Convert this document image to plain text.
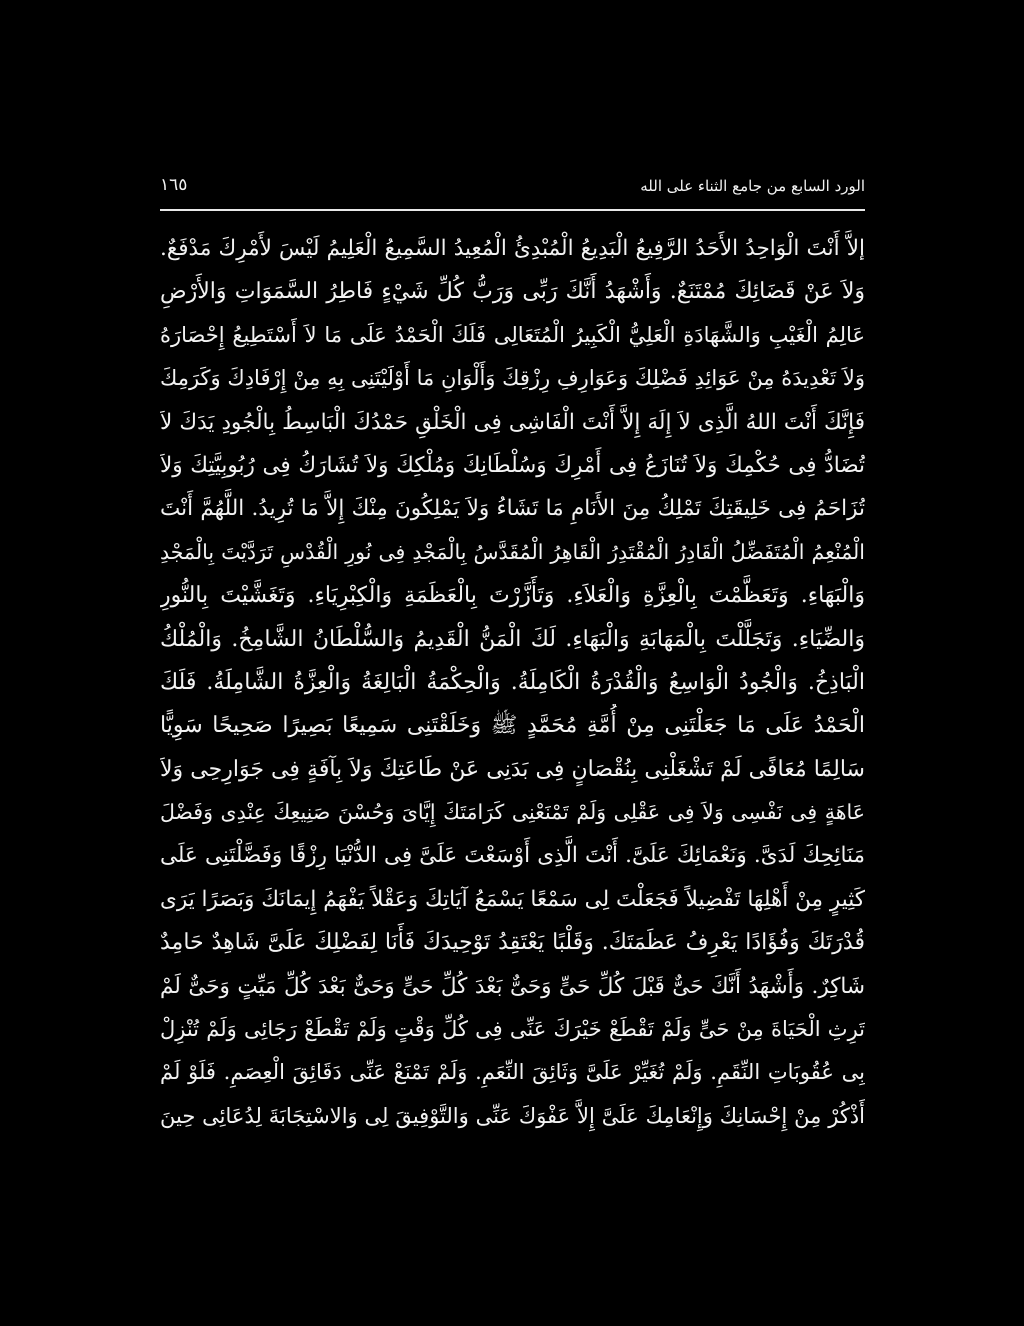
الورد السابع من جامع الثناء على الله
١٦٥
إلاَّ أَنْتَ الْوَاحِدُ الأَحَدُ الرَّفِيعُ الْبَدِيعُ الْمُبْدِئُ الْمُعِيدُ السَّمِيعُ الْعَلِيمُ لَيْسَ لأَمْرِكَ مَدْفَعٌ.
وَلاَ عَنْ قَضَائِكَ مُمْتَنَعٌ. وَأَشْهَدُ أَنَّكَ رَبِّى وَرَبُّ كُلِّ شَيْءٍ فَاطِرُ السَّمَوَاتِ وَالأَرْضِ
عَالِمُ الْغَيْبِ وَالشَّهَادَةِ الْعَلِيُّ الْكَبِيرُ الْمُتَعَالِى فَلَكَ الْحَمْدُ عَلَى مَا لاَ أَسْتَطِيعُ إِحْصَارَهُ
وَلاَ تَعْدِيدَهُ مِنْ عَوَائِدِ فَضْلِكَ وَعَوَارِفِ رِزْقِكَ وَأَلْوَانِ مَا أَوْلَيْتَنِى بِهِ مِنْ إِرْفَادِكَ وَكَرَمِكَ
فَإِنَّكَ أَنْتَ اللهُ الَّذِى لاَ إِلَهَ إِلاَّ أَنْتَ الْفَاشِى فِى الْخَلْقِ حَمْدُكَ الْبَاسِطُ بِالْجُودِ يَدَكَ لاَ
تُضَادُّ فِى حُكْمِكَ وَلاَ تُنَازَعُ فِى أَمْرِكَ وَسُلْطَانِكَ وَمُلْكِكَ وَلاَ تُشَارَكُ فِى رُبُوبِيَّتِكَ وَلاَ
تُزَاحَمُ فِى خَلِيقَتِكَ تَمْلِكُ مِنَ الأَنَامِ مَا تَشَاءُ وَلاَ يَمْلِكُونَ مِنْكَ إِلاَّ مَا تُرِيدُ. اللَّهُمَّ أَنْتَ
الْمُنْعِمُ الْمُتَفَضِّلُ الْقَادِرُ الْمُقْتَدِرُ الْقَاهِرُ الْمُقَدَّسُ بِالْمَجْدِ فِى نُورِ الْقُدْسِ تَرَدَّيْتَ بِالْمَجْدِ
وَالْبَهَاءِ. وَتَعَظَّمْتَ بِالْعِزَّةِ وَالْعَلاَءِ. وَتَأَزَّرْتَ بِالْعَظَمَةِ وَالْكِبْرِيَاءِ. وَتَغَشَّيْتَ بِالنُّورِ
وَالضِّيَاءِ. وَتَجَلَّلْتَ بِالْمَهَابَةِ وَالْبَهَاءِ. لَكَ الْمَنُّ الْقَدِيمُ وَالسُّلْطَانُ الشَّامِخُ. وَالْمُلْكُ
الْبَاذِخُ. وَالْجُودُ الْوَاسِعُ وَالْقُدْرَةُ الْكَامِلَةُ. وَالْحِكْمَةُ الْبَالِغَةُ وَالْعِزَّةُ الشَّامِلَةُ. فَلَكَ
الْحَمْدُ عَلَى مَا جَعَلْتَنِى مِنْ أُمَّةِ مُحَمَّدٍ ﷺ وَخَلَقْتَنِى سَمِيعًا بَصِيرًا صَحِيحًا سَوِيًّا
سَالِمًا مُعَافًى لَمْ تَشْغَلْنِى بِنُقْصَانٍ فِى بَدَنِى عَنْ طَاعَتِكَ وَلاَ بِآفَةٍ فِى جَوَارِحِى وَلاَ
عَاهَةٍ فِى نَفْسِى وَلاَ فِى عَقْلِى وَلَمْ تَمْنَعْنِى كَرَامَتَكَ إِيَّاىَ وَحُسْنَ صَنِيعِكَ عِنْدِى وَفَضْلَ
مَنَائِحِكَ لَدَىَّ. وَنَعْمَائِكَ عَلَىَّ. أَنْتَ الَّذِى أَوْسَعْتَ عَلَىَّ فِى الدُّنْيَا رِزْقًا وَفَضَّلْتَنِى عَلَى
كَثِيرٍ مِنْ أَهْلِهَا تَفْضِيلاً فَجَعَلْتَ لِى سَمْعًا يَسْمَعُ آيَاتِكَ وَعَقْلاً يَفْهَمُ إِيمَانَكَ وَبَصَرًا يَرَى
قُدْرَتَكَ وَفُؤَادًا يَعْرِفُ عَظَمَتَكَ. وَقَلْبًا يَعْتَقِدُ تَوْحِيدَكَ فَأَنَا لِفَضْلِكَ عَلَىَّ شَاهِدٌ حَامِدٌ
شَاكِرٌ. وَأَشْهَدُ أَنَّكَ حَىٌّ قَبْلَ كُلِّ حَىٍّ وَحَىٌّ بَعْدَ كُلِّ حَىٍّ وَحَىٌّ بَعْدَ كُلِّ مَيِّتٍ وَحَىٌّ لَمْ
تَرِثِ الْحَيَاةَ مِنْ حَىٍّ وَلَمْ تَقْطَعْ خَيْرَكَ عَنِّى فِى كُلِّ وَقْتٍ وَلَمْ تَقْطَعْ رَجَائِى وَلَمْ تُنْزِلْ
بِى عُقُوبَاتِ النِّقَمِ. وَلَمْ تُغَيِّرْ عَلَىَّ وَثَائِقَ النِّعَمِ. وَلَمْ تَمْنَعْ عَنِّى دَقَائِقَ الْعِصَمِ. فَلَوْ لَمْ
أَذْكُرْ مِنْ إِحْسَانِكَ وَإِنْعَامِكَ عَلَىَّ إِلاَّ عَفْوَكَ عَنِّى وَالتَّوْفِيقَ لِى وَالاسْتِجَابَةَ لِدُعَائِى حِينَ
